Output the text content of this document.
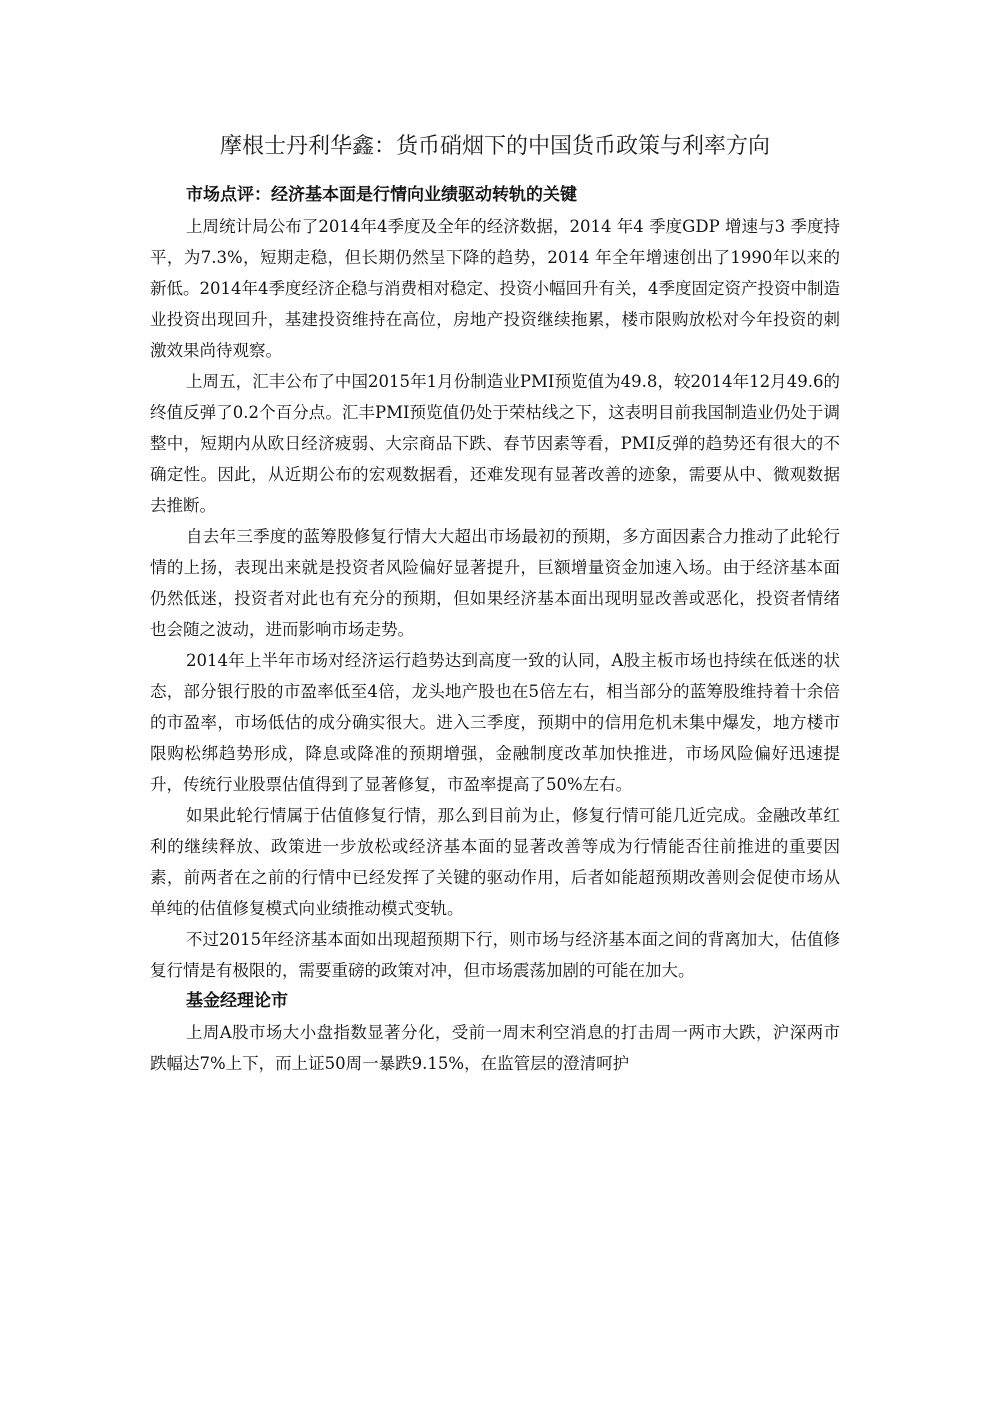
摩根士丹利华鑫：货币硝烟下的中国货币政策与利率方向

市场点评：经济基本面是行情向业绩驱动转轨的关键

上周统计局公布了2014年4季度及全年的经济数据，2014 年4 季度GDP 增速与3 季度持平，为7.3%，短期走稳，但长期仍然呈下降的趋势，2014 年全年增速创出了1990年以来的新低。2014年4季度经济企稳与消费相对稳定、投资小幅回升有关，4季度固定资产投资中制造业投资出现回升，基建投资维持在高位，房地产投资继续拖累，楼市限购放松对今年投资的刺激效果尚待观察。

上周五，汇丰公布了中国2015年1月份制造业PMI预览值为49.8，较2014年12月49.6的终值反弹了0.2个百分点。汇丰PMI预览值仍处于荣枯线之下，这表明目前我国制造业仍处于调整中，短期内从欧日经济疲弱、大宗商品下跌、春节因素等看，PMI反弹的趋势还有很大的不确定性。因此，从近期公布的宏观数据看，还难发现有显著改善的迹象，需要从中、微观数据去推断。

自去年三季度的蓝筹股修复行情大大超出市场最初的预期，多方面因素合力推动了此轮行情的上扬，表现出来就是投资者风险偏好显著提升，巨额增量资金加速入场。由于经济基本面仍然低迷，投资者对此也有充分的预期，但如果经济基本面出现明显改善或恶化，投资者情绪也会随之波动，进而影响市场走势。

2014年上半年市场对经济运行趋势达到高度一致的认同，A股主板市场也持续在低迷的状态，部分银行股的市盈率低至4倍，龙头地产股也在5倍左右，相当部分的蓝筹股维持着十余倍的市盈率，市场低估的成分确实很大。进入三季度，预期中的信用危机未集中爆发，地方楼市限购松绑趋势形成，降息或降准的预期增强，金融制度改革加快推进，市场风险偏好迅速提升，传统行业股票估值得到了显著修复，市盈率提高了50%左右。

如果此轮行情属于估值修复行情，那么到目前为止，修复行情可能几近完成。金融改革红利的继续释放、政策进一步放松或经济基本面的显著改善等成为行情能否往前推进的重要因素，前两者在之前的行情中已经发挥了关键的驱动作用，后者如能超预期改善则会促使市场从单纯的估值修复模式向业绩推动模式变轨。

不过2015年经济基本面如出现超预期下行，则市场与经济基本面之间的背离加大，估值修复行情是有极限的，需要重磅的政策对冲，但市场震荡加剧的可能在加大。

基金经理论市

上周A股市场大小盘指数显著分化，受前一周末利空消息的打击周一两市大跌，沪深两市跌幅达7%上下，而上证50周一暴跌9.15%，在监管层的澄清呵护
